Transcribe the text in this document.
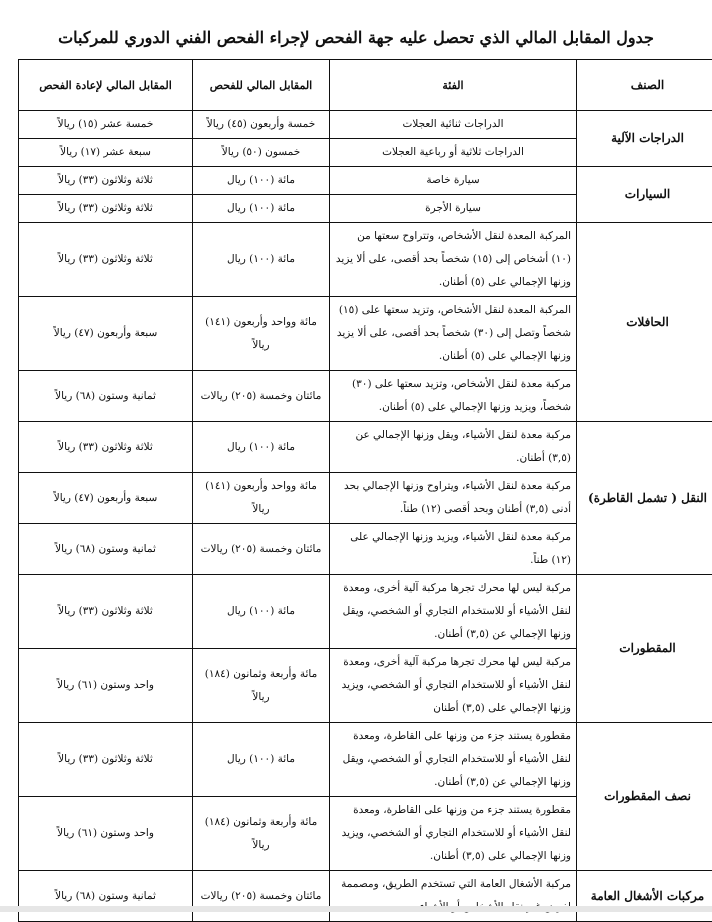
جدول المقابل المالي الذي تحصل عليه جهة الفحص لإجراء الفحص الفني الدوري للمركبات
الصنف	الفئة	المقابل المالي للفحص	المقابل المالي لإعادة الفحص
الدراجات الآلية	الدراجات ثنائية العجلات	خمسة وأربعون (٤٥) ريالاً	خمسة عشر (١٥) ريالاً
	الدراجات ثلاثية أو رباعية العجلات	خمسون (٥٠) ريالاً	سبعة عشر (١٧) ريالاً
السيارات	سيارة خاصة	مائة (١٠٠) ريال	ثلاثة وثلاثون (٣٣) ريالاً
	سيارة الأجرة	مائة (١٠٠) ريال	ثلاثة وثلاثون (٣٣) ريالاً
الحافلات	المركبة المعدة لنقل الأشخاص، وتتراوح سعتها من (١٠) أشخاص إلى (١٥) شخصاً بحد أقصى، على ألا يزيد وزنها الإجمالي على (٥) أطنان.	مائة (١٠٠) ريال	ثلاثة وثلاثون (٣٣) ريالاً
	المركبة المعدة لنقل الأشخاص، وتزيد سعتها على (١٥) شخصاً وتصل إلى (٣٠) شخصاً بحد أقصى، على ألا يزيد وزنها الإجمالي على (٥) أطنان.	مائة وواحد وأربعون (١٤١) ريالاً	سبعة وأربعون (٤٧) ريالاً
	مركبة معدة لنقل الأشخاص، وتزيد سعتها على (٣٠) شخصاً، ويزيد وزنها الإجمالي على (٥) أطنان.	مائتان وخمسة (٢٠٥) ريالات	ثمانية وستون (٦٨) ريالاً
النقل ( تشمل القاطرة)	مركبة معدة لنقل الأشياء، ويقل وزنها الإجمالي عن (٣,٥) أطنان.	مائة (١٠٠) ريال	ثلاثة وثلاثون (٣٣) ريالاً
	مركبة معدة لنقل الأشياء، ويتراوح وزنها الإجمالي بحد أدنى (٣,٥) أطنان وبحد أقصى (١٢) طناً.	مائة وواحد وأربعون (١٤١) ريالاً	سبعة وأربعون (٤٧) ريالاً
	مركبة معدة لنقل الأشياء، ويزيد وزنها الإجمالي على (١٢) طناً.	مائتان وخمسة (٢٠٥) ريالات	ثمانية وستون (٦٨) ريالاً
المقطورات	مركبة ليس لها محرك تجرها مركبة آلية أخرى، ومعدة لنقل الأشياء أو للاستخدام التجاري أو الشخصي، ويقل وزنها الإجمالي عن (٣,٥) أطنان.	مائة (١٠٠) ريال	ثلاثة وثلاثون (٣٣) ريالاً
	مركبة ليس لها محرك تجرها مركبة آلية أخرى، ومعدة لنقل الأشياء أو للاستخدام التجاري أو الشخصي، ويزيد وزنها الإجمالي على (٣,٥) أطنان	مائة وأربعة وثمانون (١٨٤) ريالاً	واحد وستون (٦١) ريالاً
نصف المقطورات	مقطورة يستند جزء من وزنها على القاطرة، ومعدة لنقل الأشياء أو للاستخدام التجاري أو الشخصي، ويقل وزنها الإجمالي عن (٣,٥) أطنان.	مائة (١٠٠) ريال	ثلاثة وثلاثون (٣٣) ريالاً
	مقطورة يستند جزء من وزنها على القاطرة، ومعدة لنقل الأشياء أو للاستخدام التجاري أو الشخصي، ويزيد وزنها الإجمالي على (٣,٥) أطنان.	مائة وأربعة وثمانون (١٨٤) ريالاً	واحد وستون (٦١) ريالاً
مركبات الأشغال العامة	مركبة الأشغال العامة التي تستخدم الطريق، ومصممة	مائتان وخمسة (٢٠٥) ريالات	ثمانية وستون (٦٨) ريالاً
